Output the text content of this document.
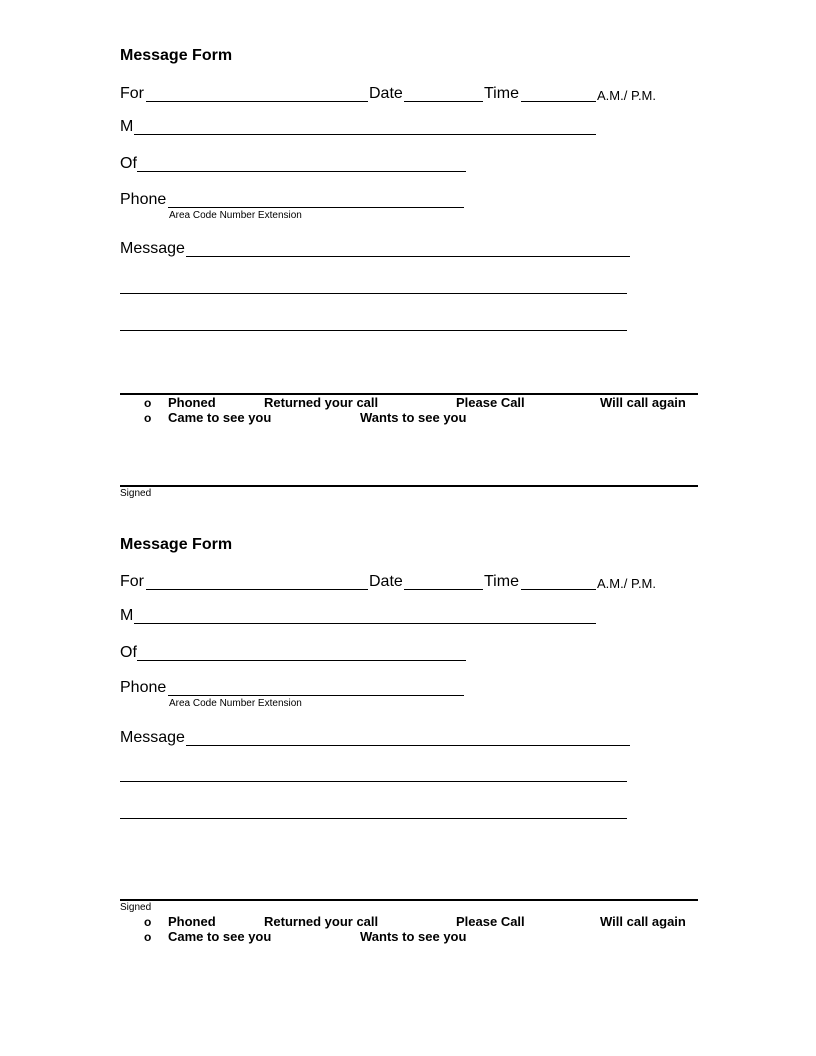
Message Form
For	Date	Time	A.M./ P.M.
M
Of
Phone
Area Code Number Extension
Message
o Phoned	Returned your call	Please Call	Will call again
o Came to see you	Wants to see you
Signed
Message Form
For	Date	Time	A.M./ P.M.
M
Of
Phone
Area Code Number Extension
Message
Signed
o Phoned	Returned your call	Please Call	Will call again
o Came to see you	Wants to see you
